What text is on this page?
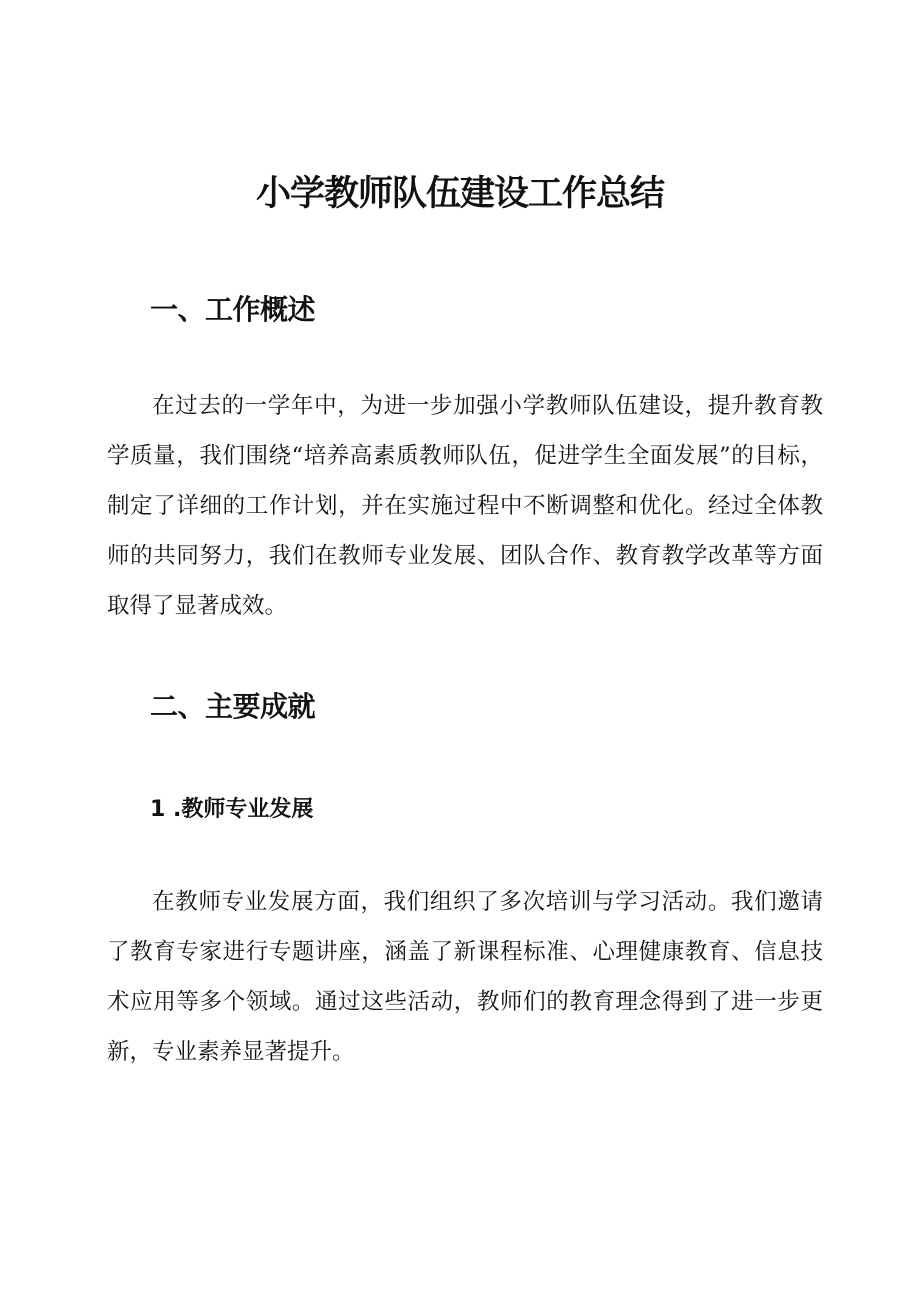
小学教师队伍建设工作总结
一、工作概述

在过去的一学年中，为进一步加强小学教师队伍建设，提升教育教学质量，我们围绕“培养高素质教师队伍，促进学生全面发展”的目标，制定了详细的工作计划，并在实施过程中不断调整和优化。经过全体教师的共同努力，我们在教师专业发展、团队合作、教育教学改革等方面取得了显著成效。

二、主要成就
1 .教师专业发展

在教师专业发展方面，我们组织了多次培训与学习活动。我们邀请了教育专家进行专题讲座，涵盖了新课程标准、心理健康教育、信息技术应用等多个领域。通过这些活动，教师们的教育理念得到了进一步更新，专业素养显著提升。
